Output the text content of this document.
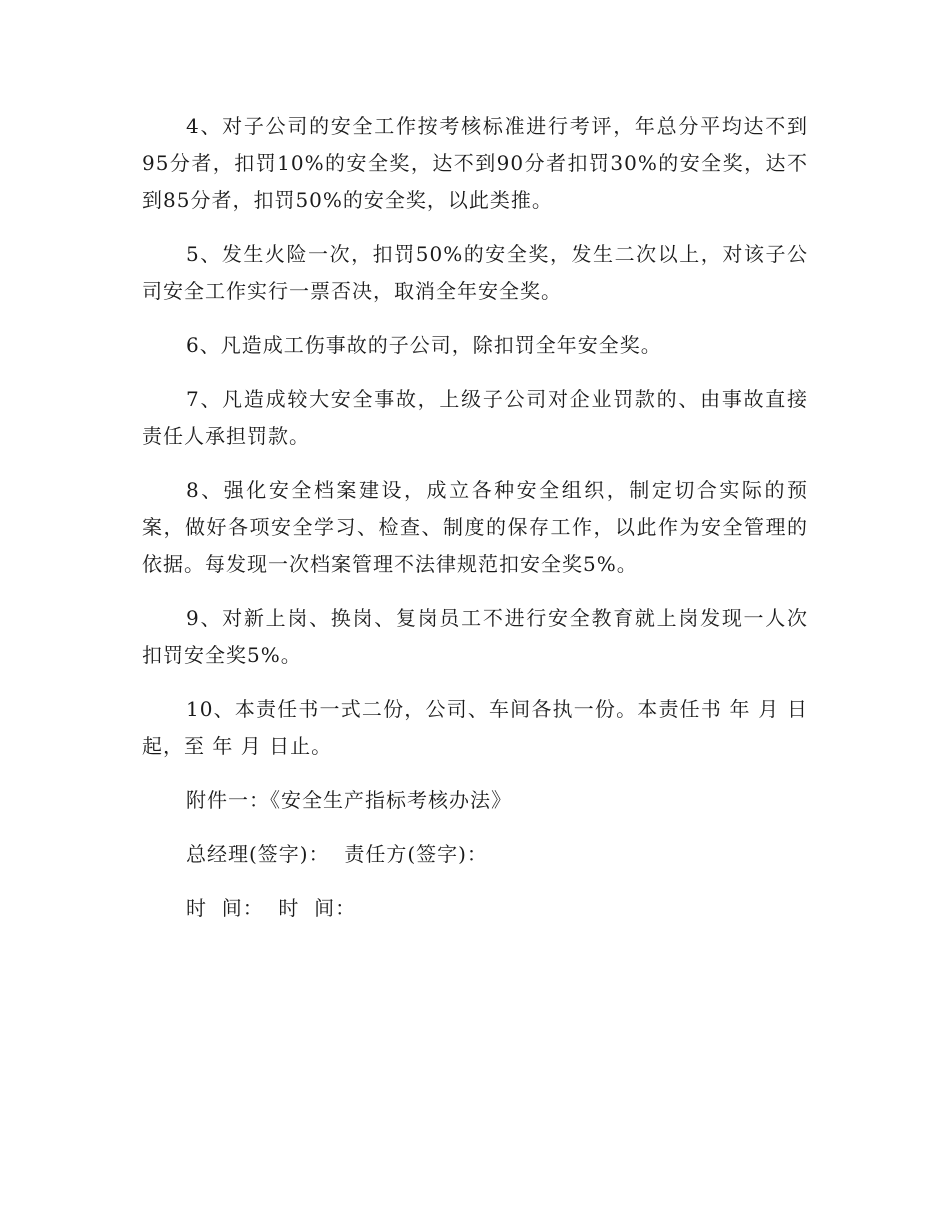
4、对子公司的安全工作按考核标准进行考评，年总分平均达不到95分者，扣罚10%的安全奖，达不到90分者扣罚30%的安全奖，达不到85分者，扣罚50%的安全奖，以此类推。

5、发生火险一次，扣罚50%的安全奖，发生二次以上，对该子公司安全工作实行一票否决，取消全年安全奖。

6、凡造成工伤事故的子公司，除扣罚全年安全奖。

7、凡造成较大安全事故，上级子公司对企业罚款的、由事故直接责任人承担罚款。

8、强化安全档案建设，成立各种安全组织，制定切合实际的预案，做好各项安全学习、检查、制度的保存工作，以此作为安全管理的依据。每发现一次档案管理不法律规范扣安全奖5%。

9、对新上岗、换岗、复岗员工不进行安全教育就上岗发现一人次扣罚安全奖5%。

10、本责任书一式二份，公司、车间各执一份。本责任书 年 月 日起，至 年 月 日止。

附件一：《安全生产指标考核办法》

总经理(签字)：  责任方(签字)：

时  间：  时  间：
